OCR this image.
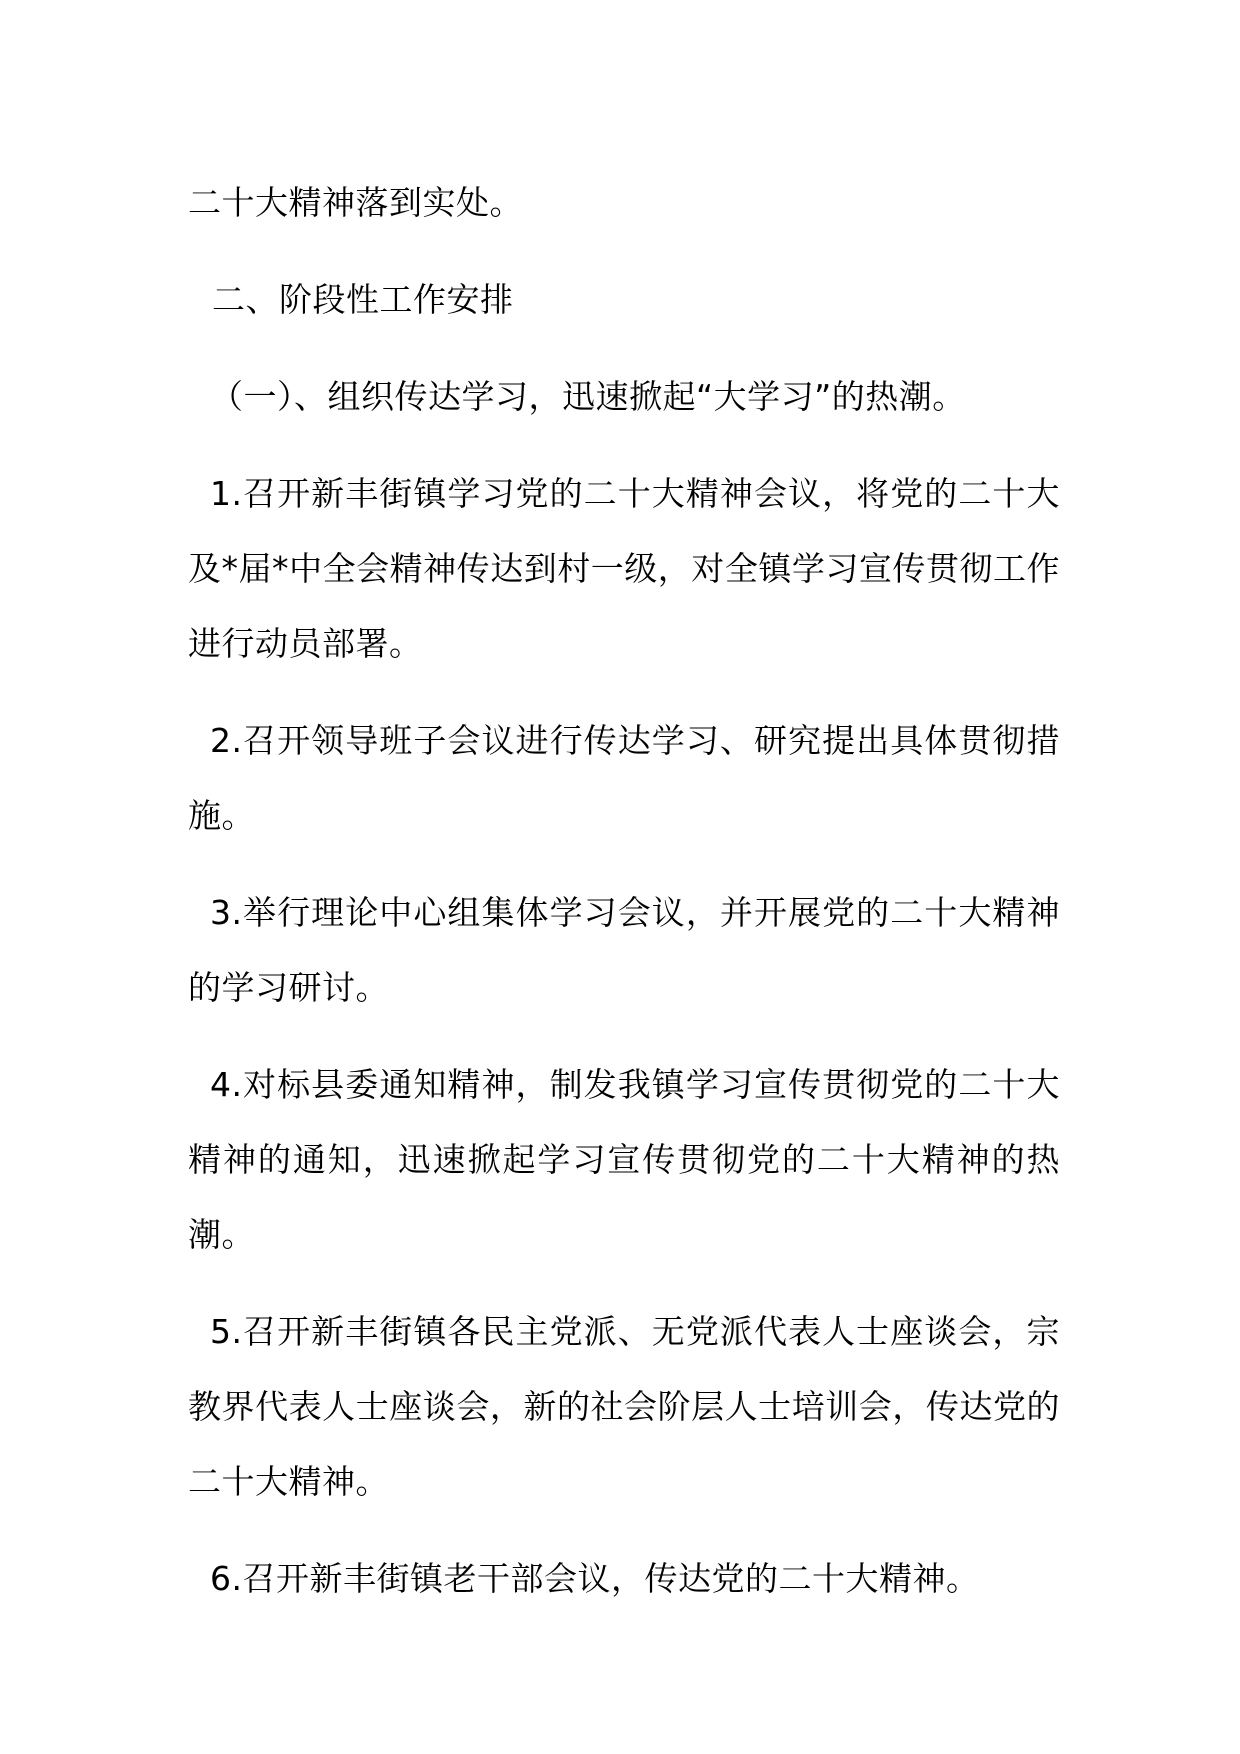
二十大精神落到实处。

二、阶段性工作安排

（一）、组织传达学习，迅速掀起“大学习”的热潮。

1.召开新丰街镇学习党的二十大精神会议，将党的二十大及*届*中全会精神传达到村一级，对全镇学习宣传贯彻工作进行动员部署。

2.召开领导班子会议进行传达学习、研究提出具体贯彻措施。

3.举行理论中心组集体学习会议，并开展党的二十大精神的学习研讨。

4.对标县委通知精神，制发我镇学习宣传贯彻党的二十大精神的通知，迅速掀起学习宣传贯彻党的二十大精神的热潮。

5.召开新丰街镇各民主党派、无党派代表人士座谈会，宗教界代表人士座谈会，新的社会阶层人士培训会，传达党的二十大精神。

6.召开新丰街镇老干部会议，传达党的二十大精神。
